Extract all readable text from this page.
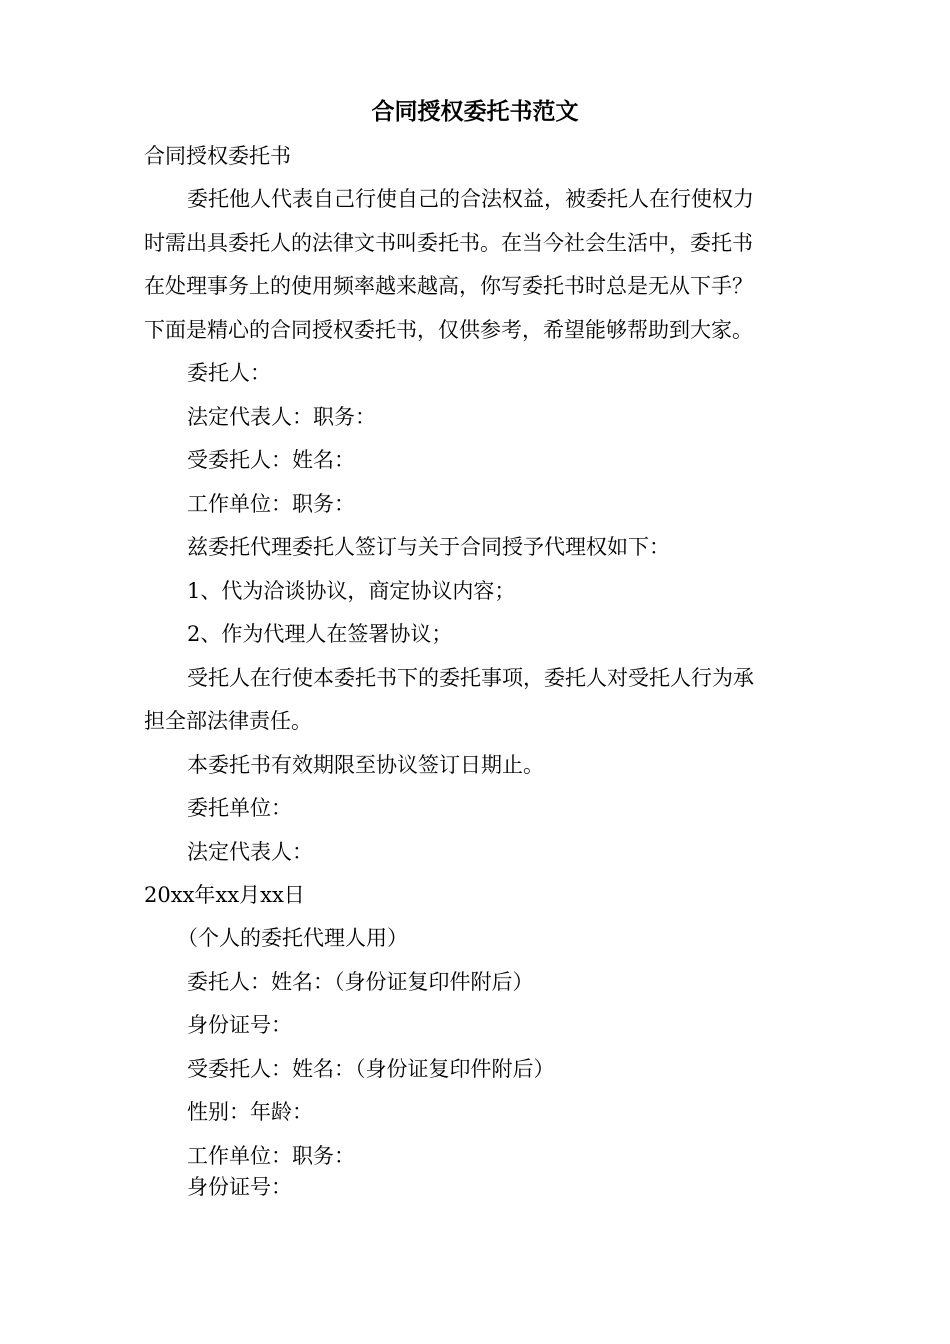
合同授权委托书范文
合同授权委托书
委托他人代表自己行使自己的合法权益，被委托人在行使权力
时需出具委托人的法律文书叫委托书。在当今社会生活中，委托书
在处理事务上的使用频率越来越高，你写委托书时总是无从下手？
下面是精心的合同授权委托书，仅供参考，希望能够帮助到大家。
委托人：
法定代表人：职务：
受委托人：姓名：
工作单位：职务：
兹委托代理委托人签订与关于合同授予代理权如下：
1、代为洽谈协议，商定协议内容；
2、作为代理人在签署协议；
受托人在行使本委托书下的委托事项，委托人对受托人行为承
担全部法律责任。
本委托书有效期限至协议签订日期止。
委托单位：
法定代表人：
20xx年xx月xx日
（个人的委托代理人用）
委托人：姓名：（身份证复印件附后）
身份证号：
受委托人：姓名：（身份证复印件附后）
性别：年龄：
工作单位：职务：
身份证号：
